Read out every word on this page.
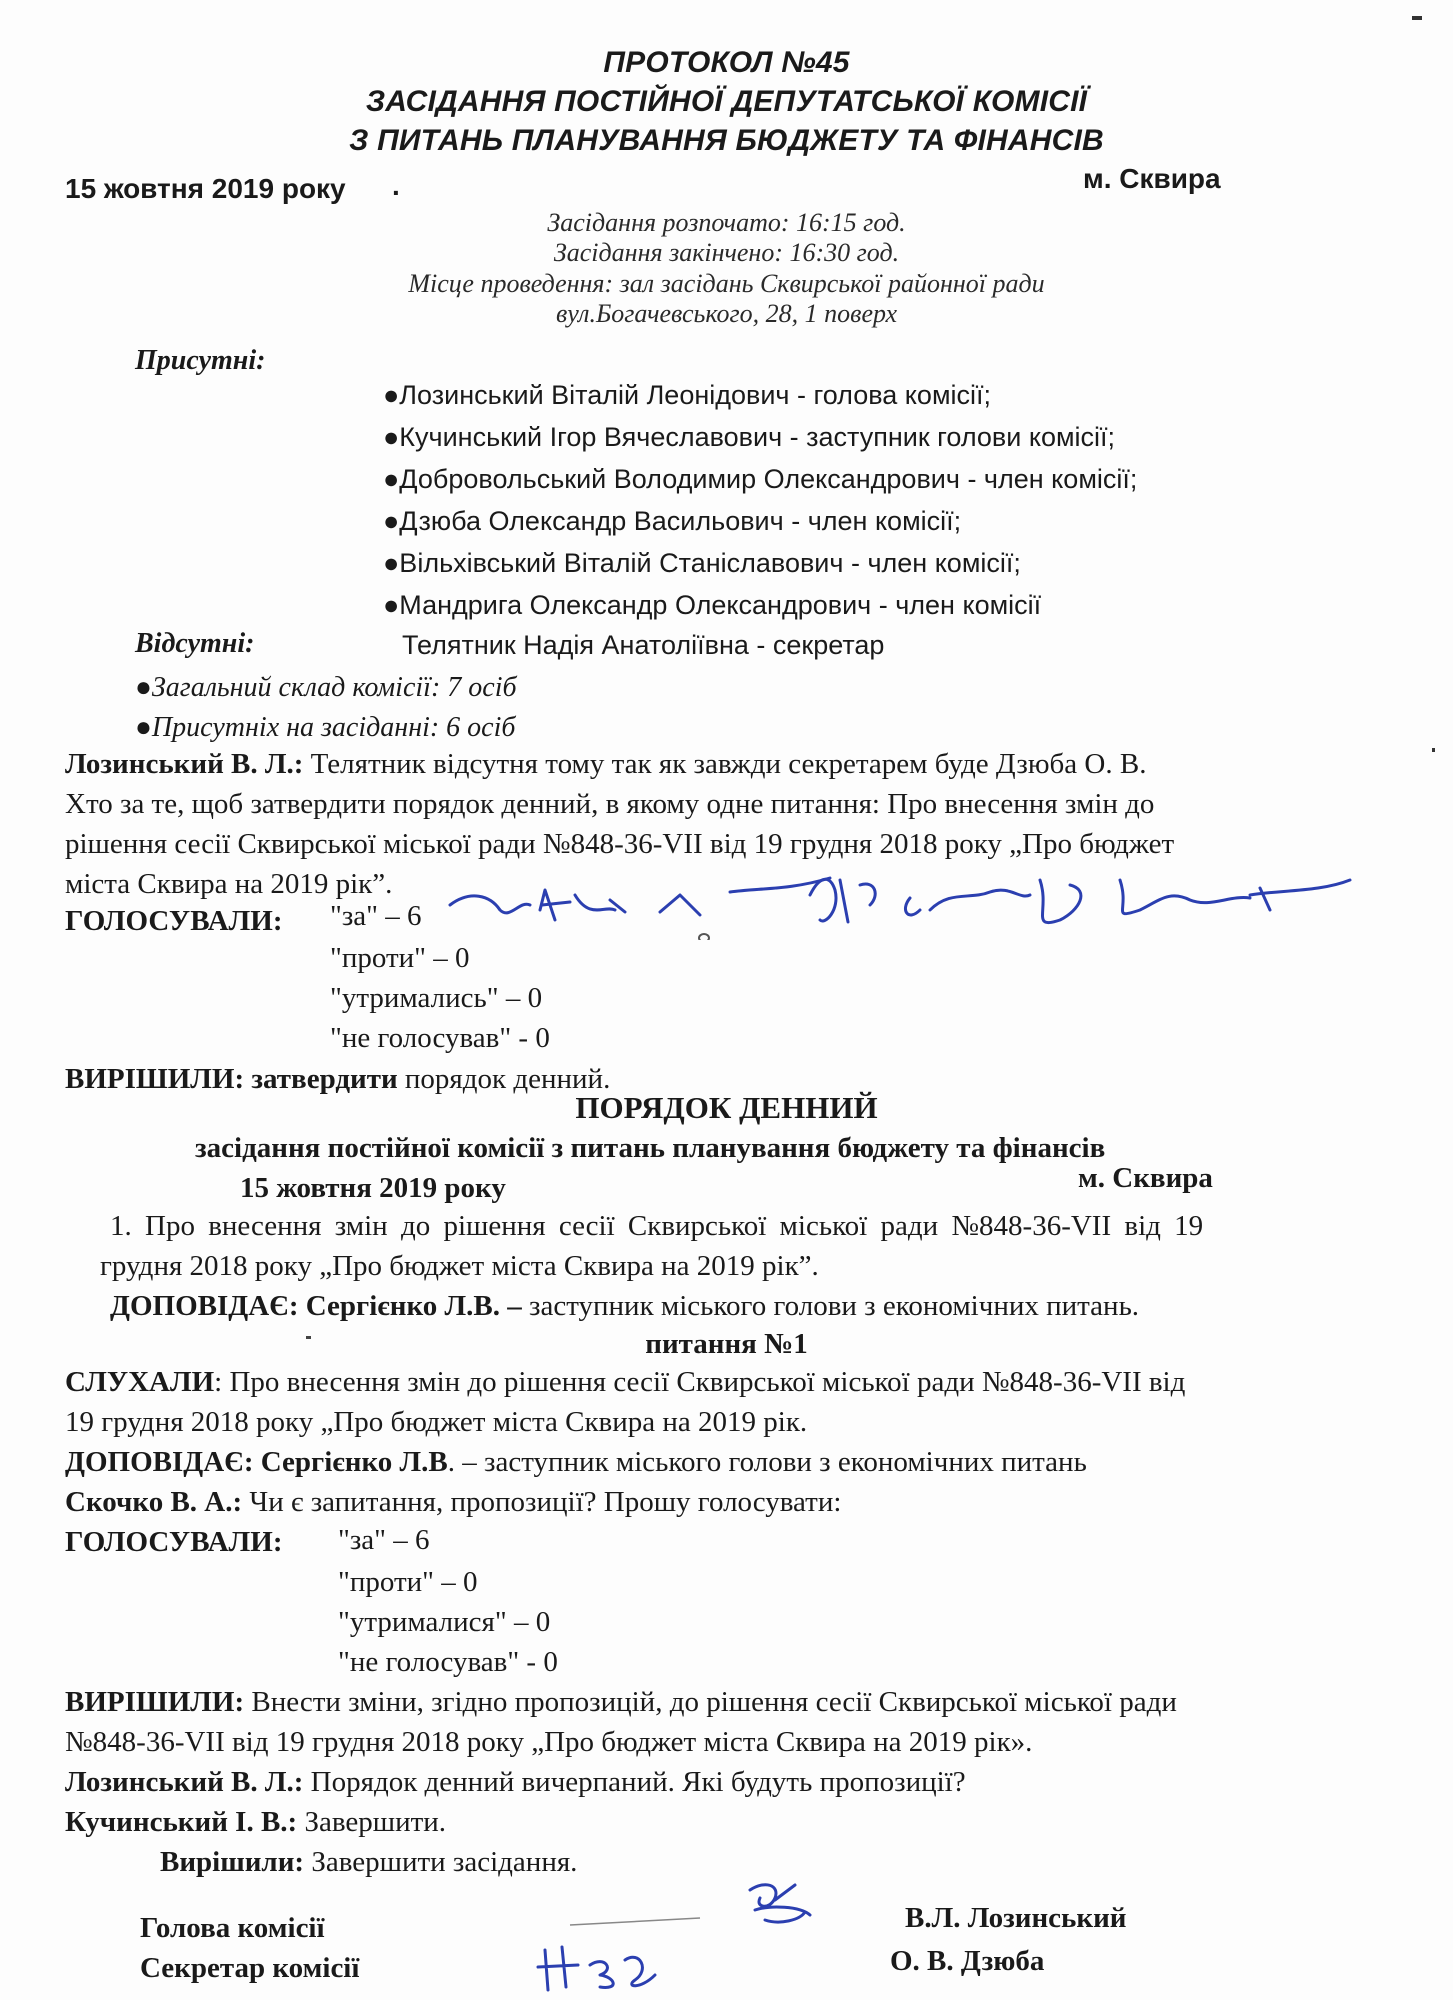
ПРОТОКОЛ №45
ЗАСІДАННЯ ПОСТІЙНОЇ ДЕПУТАТСЬКОЇ КОМІСІЇ
З ПИТАНЬ ПЛАНУВАННЯ БЮДЖЕТУ ТА ФІНАНСІВ
15 жовтня 2019 року .	м. Сквира
Засідання розпочато: 16:15 год.
Засідання закінчено: 16:30 год.
Місце проведення: зал засідань Сквирської районної ради
вул.Богачевського, 28, 1 поверх
Присутні:
●Лозинський Віталій Леонідович - голова комісії;
●Кучинський Ігор Вячеславович - заступник голови комісії;
●Добровольський Володимир Олександрович - член комісії;
●Дзюба Олександр Васильович - член комісії;
●Вільхівський Віталій Станіславович - член комісії;
●Мандрига Олександр Олександрович - член комісії
Відсутні:	Телятник Надія Анатоліївна - секретар
●Загальний склад комісії: 7 осіб
●Присутніх на засіданні: 6 осіб
Лозинський В. Л.: Телятник відсутня тому так як завжди секретарем буде Дзюба О. В.
Хто за те, щоб затвердити порядок денний, в якому одне питання: Про внесення змін до
рішення сесії Сквирської міської ради №848-36-VII від 19 грудня 2018 року „Про бюджет
міста Сквира на 2019 рік”.
ГОЛОСУВАЛИ: "за" – 6
"проти" – 0
"утримались" – 0
"не голосував" - 0
ВИРІШИЛИ: затвердити порядок денний.
ПОРЯДОК ДЕННИЙ
засідання постійної комісії з питань планування бюджету та фінансів
15 жовтня 2019 року	м. Сквира
1. Про внесення змін до рішення сесії Сквирської міської ради №848-36-VII від 19
грудня 2018 року „Про бюджет міста Сквира на 2019 рік”.
ДОПОВІДАЄ: Сергієнко Л.В. – заступник міського голови з економічних питань.
питання №1
СЛУХАЛИ: Про внесення змін до рішення сесії Сквирської міської ради №848-36-VII від
19 грудня 2018 року „Про бюджет міста Сквира на 2019 рік.
ДОПОВІДАЄ: Сергієнко Л.В. – заступник міського голови з економічних питань
Скочко В. А.: Чи є запитання, пропозиції? Прошу голосувати:
ГОЛОСУВАЛИ: "за" – 6
"проти" – 0
"утрималися" – 0
"не голосував" - 0
ВИРІШИЛИ: Внести зміни, згідно пропозицій, до рішення сесії Сквирської міської ради
№848-36-VII від 19 грудня 2018 року „Про бюджет міста Сквира на 2019 рік».
Лозинський В. Л.: Порядок денний вичерпаний. Які будуть пропозиції?
Кучинський І. В.: Завершити.
Вирішили: Завершити засідання.
Голова комісії	В.Л. Лозинський
Секретар комісії	О. В. Дзюба
